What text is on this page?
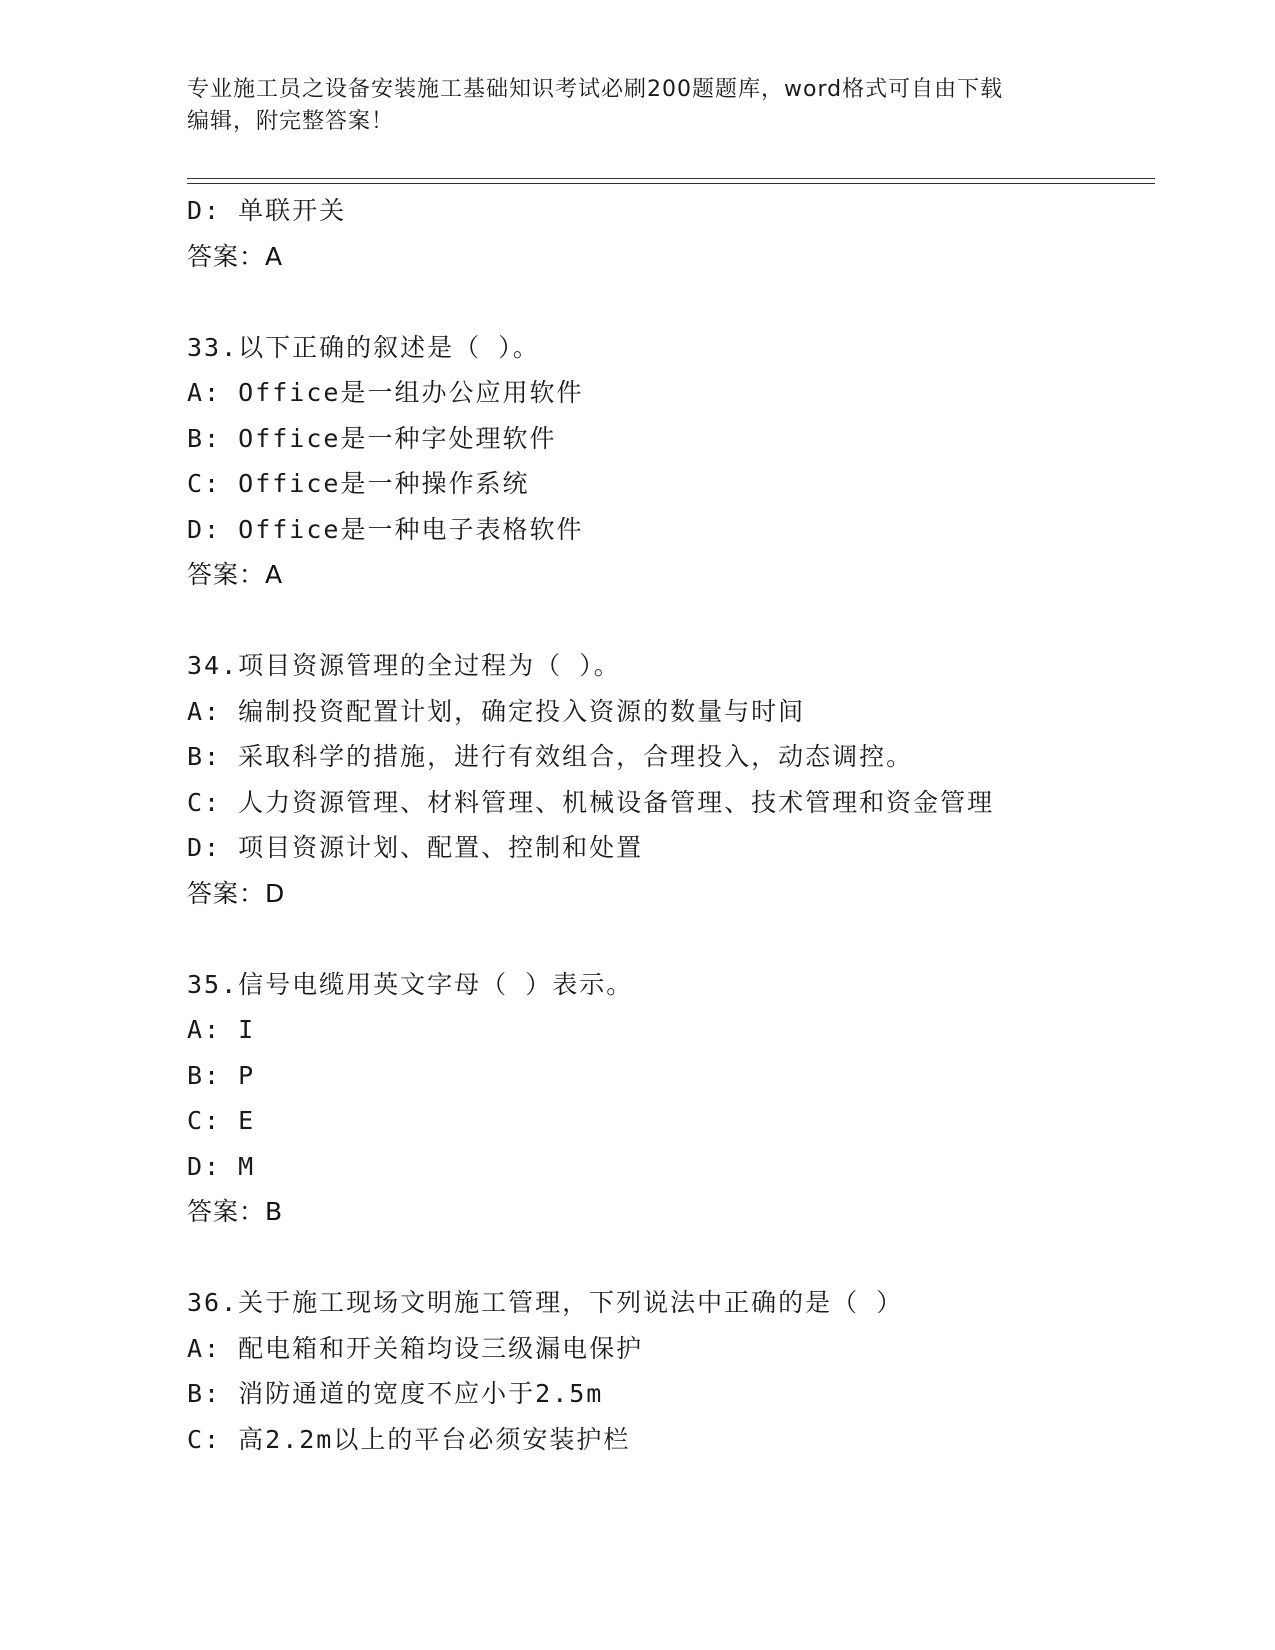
专业施工员之设备安装施工基础知识考试必刷200题题库，word格式可自由下载
编辑，附完整答案！
D: 单联开关
答案：A
33.以下正确的叙述是（ ）。
A: Office是一组办公应用软件
B: Office是一种字处理软件
C: Office是一种操作系统
D: Office是一种电子表格软件
答案：A
34.项目资源管理的全过程为（ ）。
A: 编制投资配置计划，确定投入资源的数量与时间
B: 采取科学的措施，进行有效组合，合理投入，动态调控。
C: 人力资源管理、材料管理、机械设备管理、技术管理和资金管理
D: 项目资源计划、配置、控制和处置
答案：D
35.信号电缆用英文字母（ ）表示。
A: I
B: P
C: E
D: M
答案：B
36.关于施工现场文明施工管理，下列说法中正确的是（ ）
A: 配电箱和开关箱均设三级漏电保护
B: 消防通道的宽度不应小于2.5m
C: 高2.2m以上的平台必须安装护栏
